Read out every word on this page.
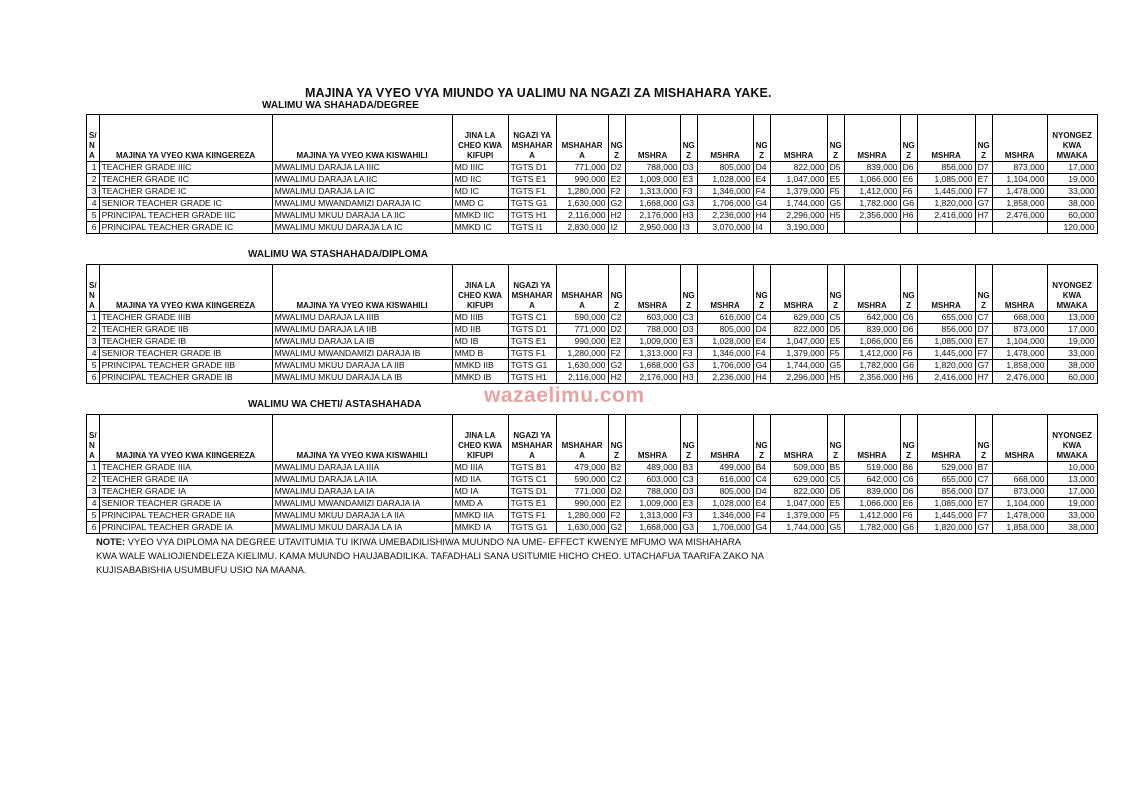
MAJINA YA VYEO VYA MIUNDO YA UALIMU NA NGAZI ZA MISHAHARA YAKE.
WALIMU WA SHAHADA/DEGREE
S/ N A	MAJINA YA VYEO KWA KIINGEREZA	MAJINA YA VYEO KWA KISWAHILI	JINA LA CHEO KWA KIFUPI	NGAZI YA MSHAHAR A	MSHAHAR A	NG Z	MSHRA	NG Z	MSHRA	NG Z	MSHRA	NG Z	MSHRA	NG Z	MSHRA	NG Z	MSHRA	NYONGEZ KWA MWAKA
1	TEACHER GRADE IIIC	MWALIMU DARAJA LA IIIC	MD IIIC	TGTS D1	771,000	D2	788,000	D3	805,000	D4	822,000	D5	839,000	D6	856,000	D7	873,000	17,000
2	TEACHER GRADE IIC	MWALIMU DARAJA LA IIC	MD IIC	TGTS E1	990,000	E2	1,009,000	E3	1,028,000	E4	1,047,000	E5	1,066,000	E6	1,085,000	E7	1,104,000	19,000
3	TEACHER GRADE IC	MWALIMU DARAJA LA IC	MD IC	TGTS F1	1,280,000	F2	1,313,000	F3	1,346,000	F4	1,379,000	F5	1,412,000	F6	1,445,000	F7	1,478,000	33,000
4	SENIOR TEACHER GRADE IC	MWALIMU MWANDAMIZI DARAJA IC	MMD C	TGTS G1	1,630,000	G2	1,668,000	G3	1,706,000	G4	1,744,000	G5	1,782,000	G6	1,820,000	G7	1,858,000	38,000
5	PRINCIPAL TEACHER GRADE IIC	MWALIMU MKUU DARAJA LA IIC	MMKD IIC	TGTS H1	2,116,000	H2	2,176,000	H3	2,236,000	H4	2,296,000	H5	2,356,000	H6	2,416,000	H7	2,476,000	60,000
6	PRINCIPAL TEACHER GRADE IC	MWALIMU MKUU DARAJA LA IC	MMKD IC	TGTS I1	2,830,000	I2	2,950,000	I3	3,070,000	I4	3,190,000							120,000
WALIMU WA STASHAHADA/DIPLOMA
S/ N A	MAJINA YA VYEO KWA KIINGEREZA	MAJINA YA VYEO KWA KISWAHILI	JINA LA CHEO KWA KIFUPI	NGAZI YA MSHAHAR A	MSHAHAR A	NG Z	MSHRA	NG Z	MSHRA	NG Z	MSHRA	NG Z	MSHRA	NG Z	MSHRA	NG Z	MSHRA	NYONGEZ KWA MWAKA
1	TEACHER GRADE IIIB	MWALIMU DARAJA LA IIIB	MD IIIB	TGTS C1	590,000	C2	603,000	C3	616,000	C4	629,000	C5	642,000	C6	655,000	C7	668,000	13,000
2	TEACHER GRADE IIB	MWALIMU DARAJA LA IIB	MD IIB	TGTS D1	771,000	D2	788,000	D3	805,000	D4	822,000	D5	839,000	D6	856,000	D7	873,000	17,000
3	TEACHER GRADE IB	MWALIMU DARAJA LA IB	MD IB	TGTS E1	990,000	E2	1,009,000	E3	1,028,000	E4	1,047,000	E5	1,066,000	E6	1,085,000	E7	1,104,000	19,000
4	SENIOR TEACHER GRADE IB	MWALIMU MWANDAMIZI DARAJA IB	MMD B	TGTS F1	1,280,000	F2	1,313,000	F3	1,346,000	F4	1,379,000	F5	1,412,000	F6	1,445,000	F7	1,478,000	33,000
5	PRINCIPAL TEACHER GRADE IIB	MWALIMU MKUU DARAJA LA IIB	MMKD IIB	TGTS G1	1,630,000	G2	1,668,000	G3	1,706,000	G4	1,744,000	G5	1,782,000	G6	1,820,000	G7	1,858,000	38,000
6	PRINCIPAL TEACHER GRADE IB	MWALIMU MKUU DARAJA LA IB	MMKD IB	TGTS H1	2,116,000	H2	2,176,000	H3	2,236,000	H4	2,296,000	H5	2,356,000	H6	2,416,000	H7	2,476,000	60,000
wazaelimu.com
WALIMU WA CHETI/ ASTASHAHADA
S/ N A	MAJINA YA VYEO KWA KIINGEREZA	MAJINA YA VYEO KWA KISWAHILI	JINA LA CHEO KWA KIFUPI	NGAZI YA MSHAHAR A	MSHAHAR A	NG Z	MSHRA	NG Z	MSHRA	NG Z	MSHRA	NG Z	MSHRA	NG Z	MSHRA	NG Z	MSHRA	NYONGEZ KWA MWAKA
1	TEACHER GRADE IIIA	MWALIMU DARAJA LA IIIA	MD IIIA	TGTS B1	479,000	B2	489,000	B3	499,000	B4	509,000	B5	519,000	B6	529,000	B7		10,000
2	TEACHER GRADE IIA	MWALIMU DARAJA LA IIA	MD IIA	TGTS C1	590,000	C2	603,000	C3	616,000	C4	629,000	C5	642,000	C6	655,000	C7	668,000	13,000
3	TEACHER GRADE IA	MWALIMU DARAJA LA IA	MD IA	TGTS D1	771,000	D2	788,000	D3	805,000	D4	822,000	D5	839,000	D6	856,000	D7	873,000	17,000
4	SENIOR TEACHER GRADE IA	MWALIMU MWANDAMIZI DARAJA IA	MMD A	TGTS E1	990,000	E2	1,009,000	E3	1,028,000	E4	1,047,000	E5	1,066,000	E6	1,085,000	E7	1,104,000	19,000
5	PRINCIPAL TEACHER GRADE IIA	MWALIMU MKUU DARAJA LA IIA	MMKD IIA	TGTS F1	1,280,000	F2	1,313,000	F3	1,346,000	F4	1,379,000	F5	1,412,000	F6	1,445,000	F7	1,478,000	33,000
6	PRINCIPAL TEACHER GRADE IA	MWALIMU MKUU DARAJA LA IA	MMKD IA	TGTS G1	1,630,000	G2	1,668,000	G3	1,706,000	G4	1,744,000	G5	1,782,000	G6	1,820,000	G7	1,858,000	38,000
NOTE: VYEO VYA DIPLOMA NA DEGREE UTAVITUMIA TU IKIWA UMEBADILISHIWA MUUNDO NA UME- EFFECT KWENYE MFUMO WA MISHAHARA
KWA WALE WALIOJIENDELEZA KIELIMU. KAMA MUUNDO HAUJABADILIKA. TAFADHALI SANA USITUMIE HICHO CHEO. UTACHAFUA TAARIFA ZAKO NA
KUJISABABISHIA USUMBUFU USIO NA MAANA.
